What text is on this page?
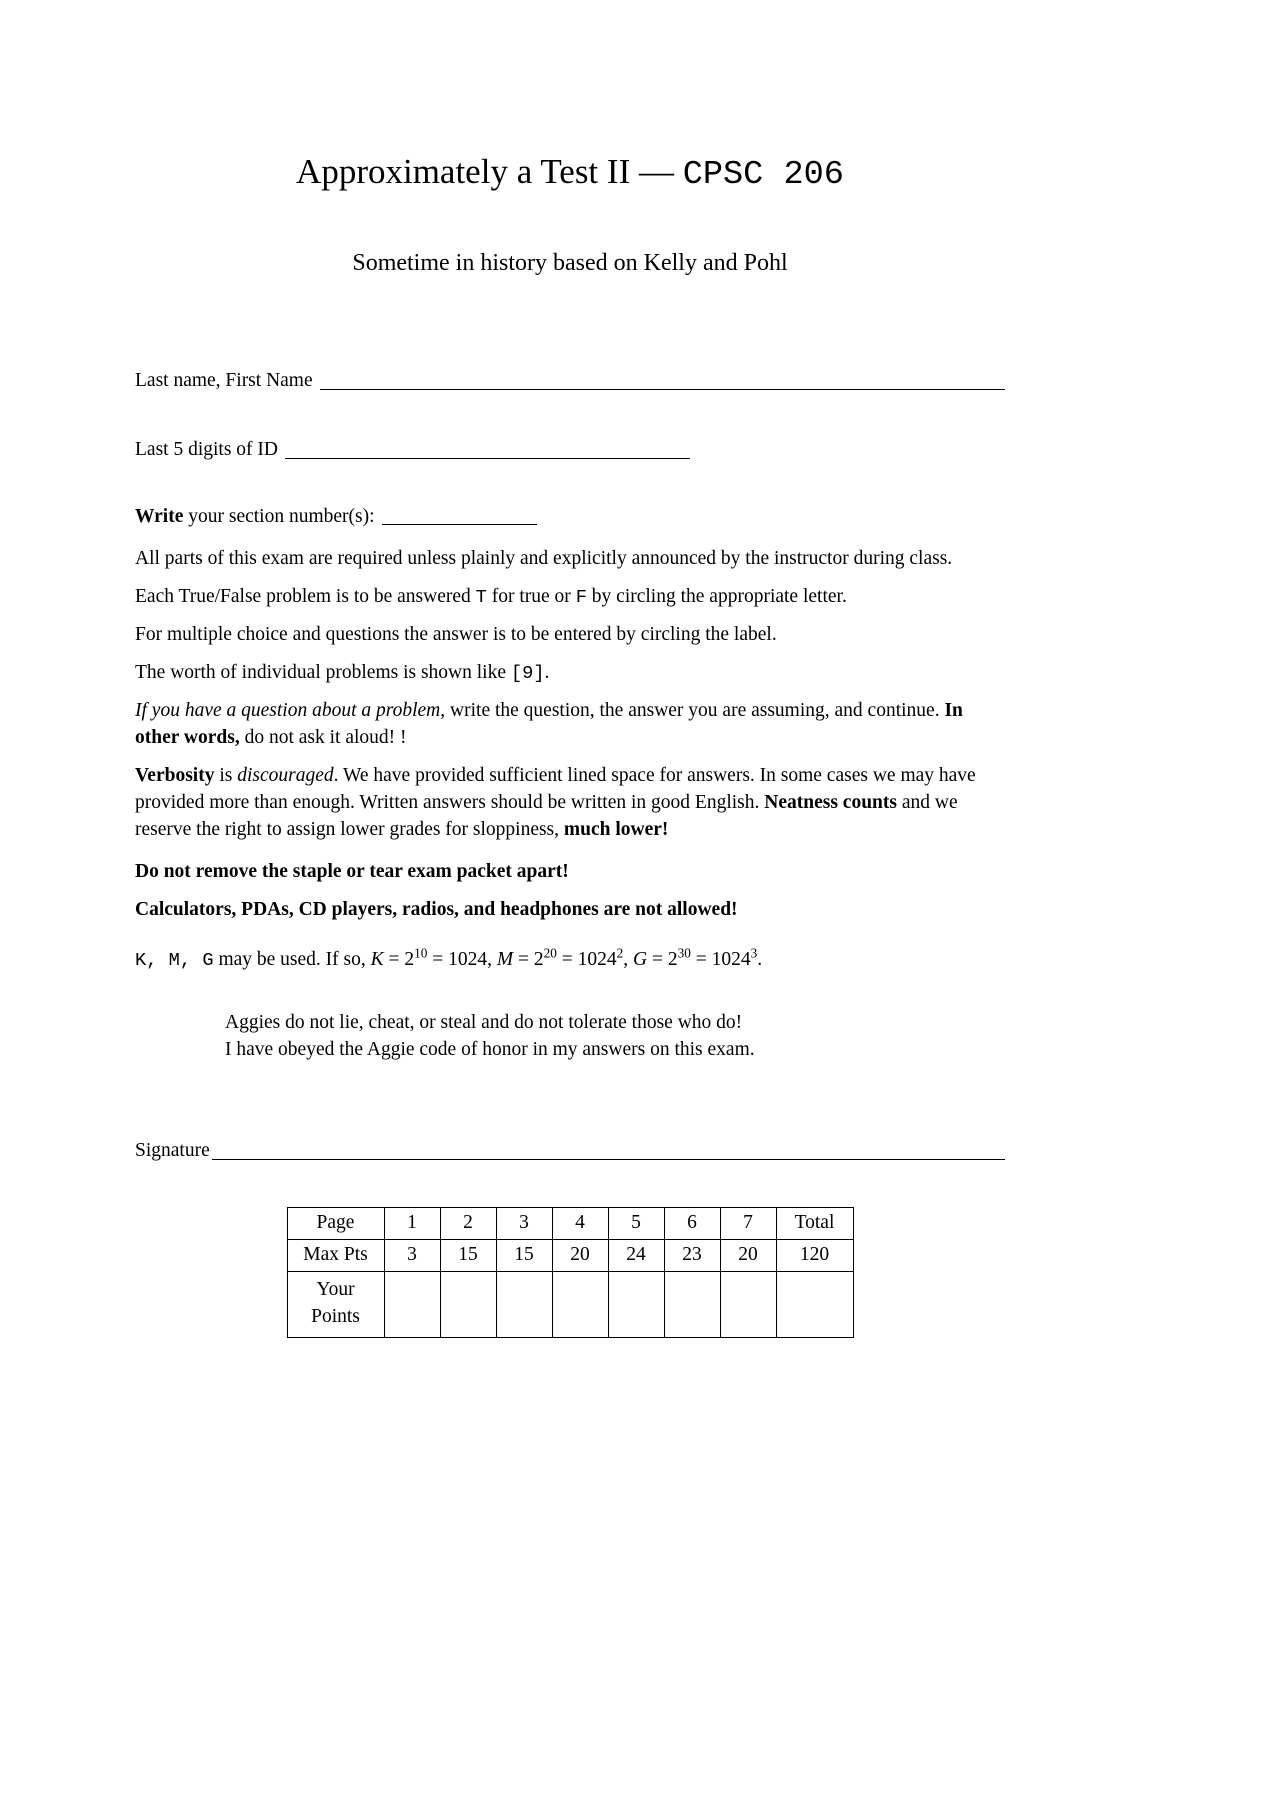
Approximately a Test II — CPSC 206
Sometime in history based on Kelly and Pohl
Last name, First Name
Last 5 digits of ID
Write your section number(s):

All parts of this exam are required unless plainly and explicitly announced by the instructor during class.

Each True/False problem is to be answered T for true or F by circling the appropriate letter.

For multiple choice and questions the answer is to be entered by circling the label.

The worth of individual problems is shown like [9].

If you have a question about a problem, write the question, the answer you are assuming, and continue. In other words, do not ask it aloud! !

Verbosity is discouraged. We have provided sufficient lined space for answers. In some cases we may have provided more than enough. Written answers should be written in good English. Neatness counts and we reserve the right to assign lower grades for sloppiness, much lower!

Do not remove the staple or tear exam packet apart!

Calculators, PDAs, CD players, radios, and headphones are not allowed!

K, M, G may be used. If so, $K = 2^{10} = 1024$, $M = 2^{20} = 1024^2$, $G = 2^{30} = 1024^3$.

Aggies do not lie, cheat, or steal and do not tolerate those who do!
I have obeyed the Aggie code of honor in my answers on this exam.
Signature
Page	1	2	3	4	5	6	7	Total
Max Pts	3	15	15	20	24	23	20	120

Your
Points								
